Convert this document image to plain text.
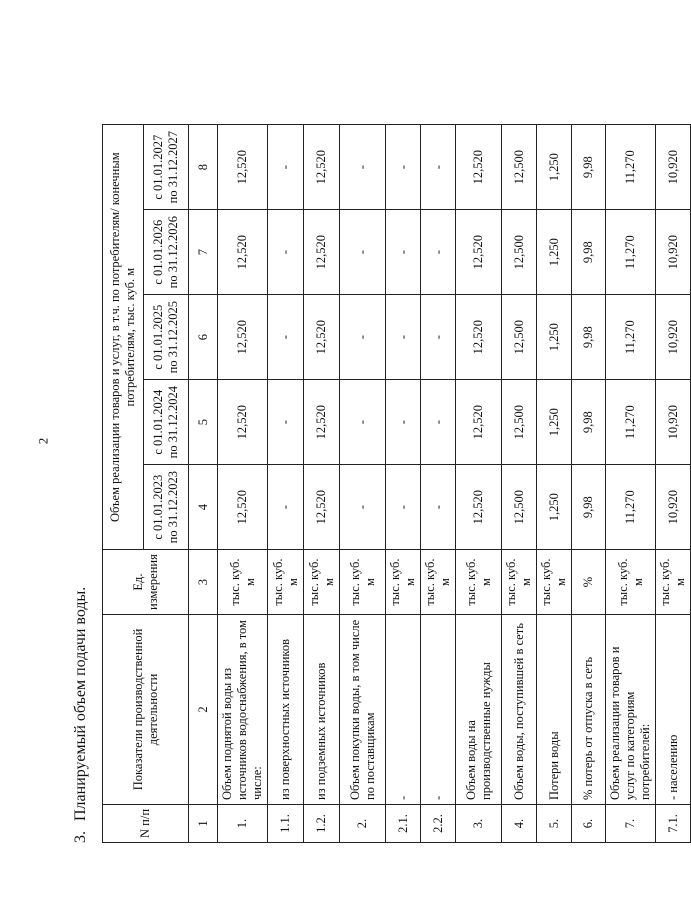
2
3.Планируемый объем подачи воды.
N п/п	Показатели производственной деятельности	Ед. измерения	Объем реализации товаров и услуг, в т.ч. по потребителям/ конечным потребителям, тыс. куб. м				
			с 01.01.2023 по 31.12.2023	с 01.01.2024 по 31.12.2024	с 01.01.2025 по 31.12.2025	с 01.01.2026 по 31.12.2026	с 01.01.2027 по 31.12.2027
1	2	3	4	5	6	7	8
1.	Объем поднятой воды из источников водоснабжения, в том числе:	тыс. куб. м	12,520	12,520	12,520	12,520	12,520
1.1.	из поверхностных источников	тыс. куб. м	-	-	-	-	-
1.2.	из подземных источников	тыс. куб. м	12,520	12,520	12,520	12,520	12,520
2.	Объем покупки воды, в том числе по поставщикам	тыс. куб. м	-	-	-	-	-
2.1.	-	тыс. куб. м	-	-	-	-	-
2.2.	-	тыс. куб. м	-	-	-	-	-
3.	Объем воды на производственные нужды	тыс. куб. м	12,520	12,520	12,520	12,520	12,520
4.	Объем воды, поступившей в сеть	тыс. куб. м	12,500	12,500	12,500	12,500	12,500
5.	Потери воды	тыс. куб. м	1,250	1,250	1,250	1,250	1,250
6.	% потерь от отпуска в сеть	%	9,98	9,98	9,98	9,98	9,98
7.	Объем реализации товаров и услуг по категориям потребителей:	тыс. куб. м	11,270	11,270	11,270	11,270	11,270
7.1.	- населению	тыс. куб. м	10,920	10,920	10,920	10,920	10,920
